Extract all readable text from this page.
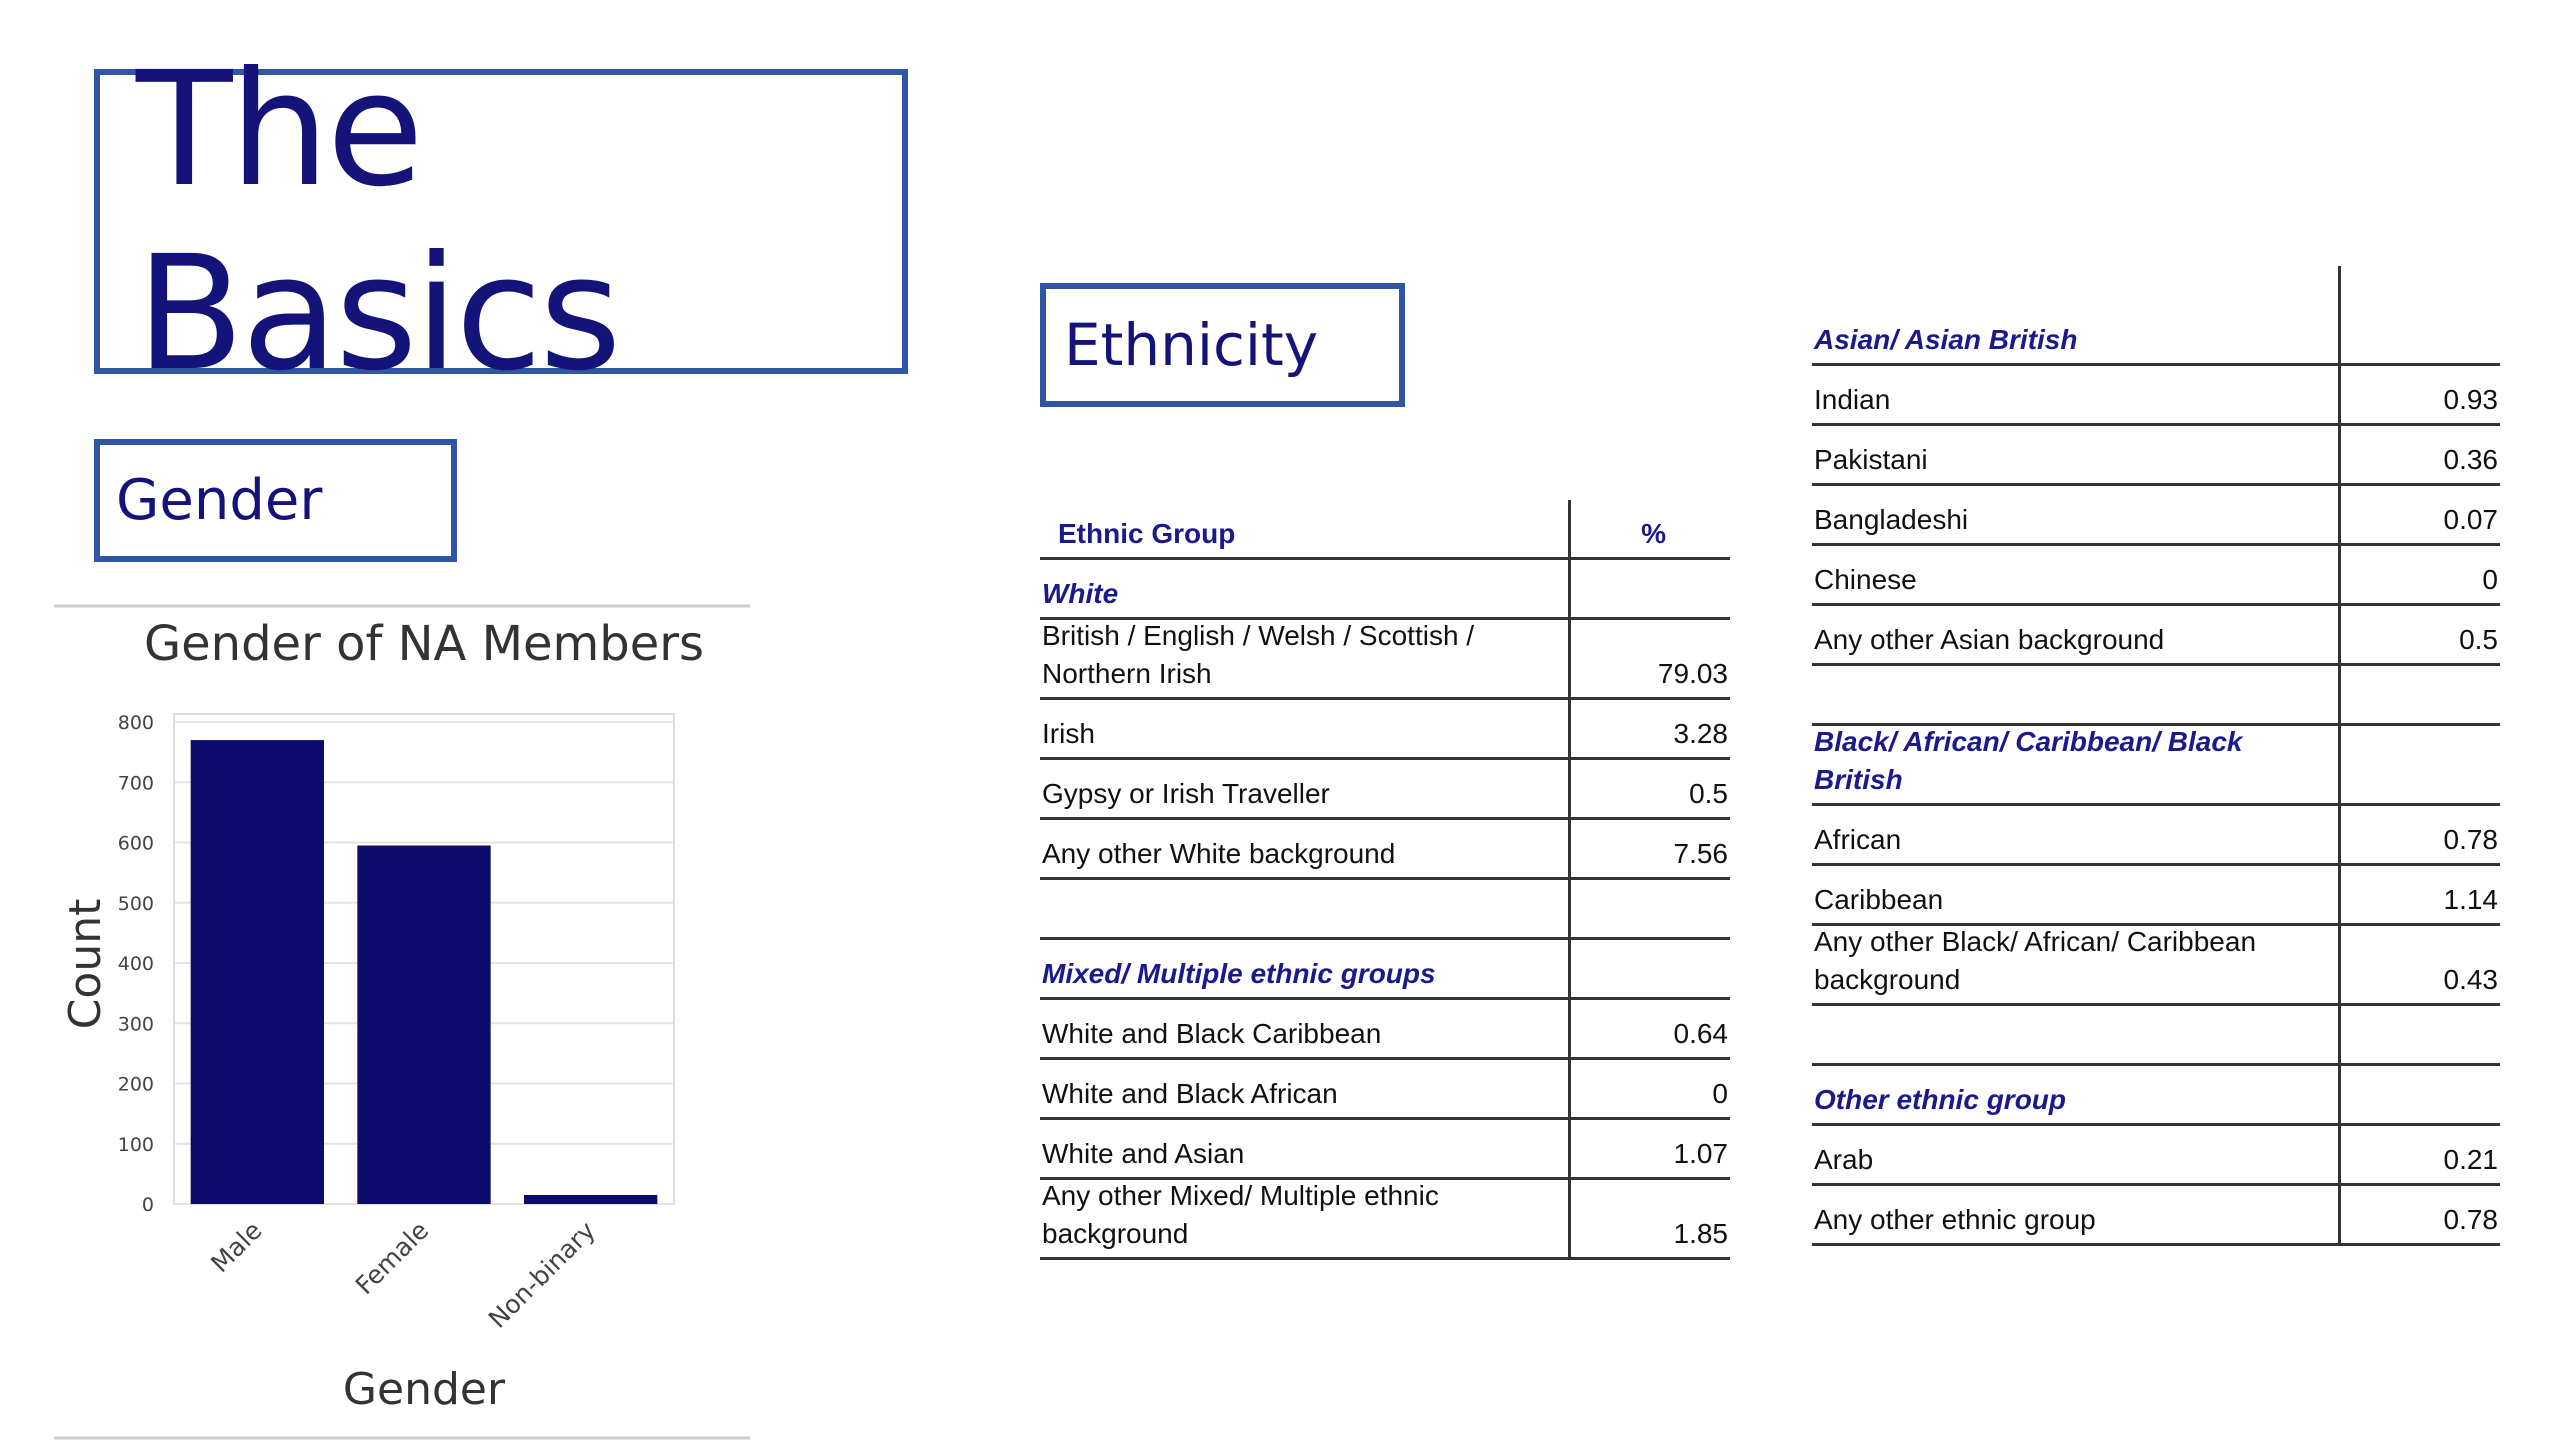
The Basics
Gender
Ethnicity
Gender of NA Members
Gender
Count
0
100
200
300
400
500
600
700
800
Male	Female Non-binary
Ethnic Group	%
White
British / English / Welsh / Scottish / Northern Irish	79.03
Irish	3.28
Gypsy or Irish Traveller	0.5
Any other White background	7.56
Mixed/ Multiple ethnic groups
White and Black Caribbean	0.64
White and Black African	0
White and Asian	1.07
Any other Mixed/ Multiple ethnic background	1.85
Asian/ Asian British
Indian	0.93
Pakistani	0.36
Bangladeshi	0.07
Chinese	0
Any other Asian background	0.5
Black/ African/ Caribbean/ Black British
African	0.78
Caribbean	1.14
Any other Black/ African/ Caribbean background	0.43
Other ethnic group
Arab	0.21
Any other ethnic group	0.78
